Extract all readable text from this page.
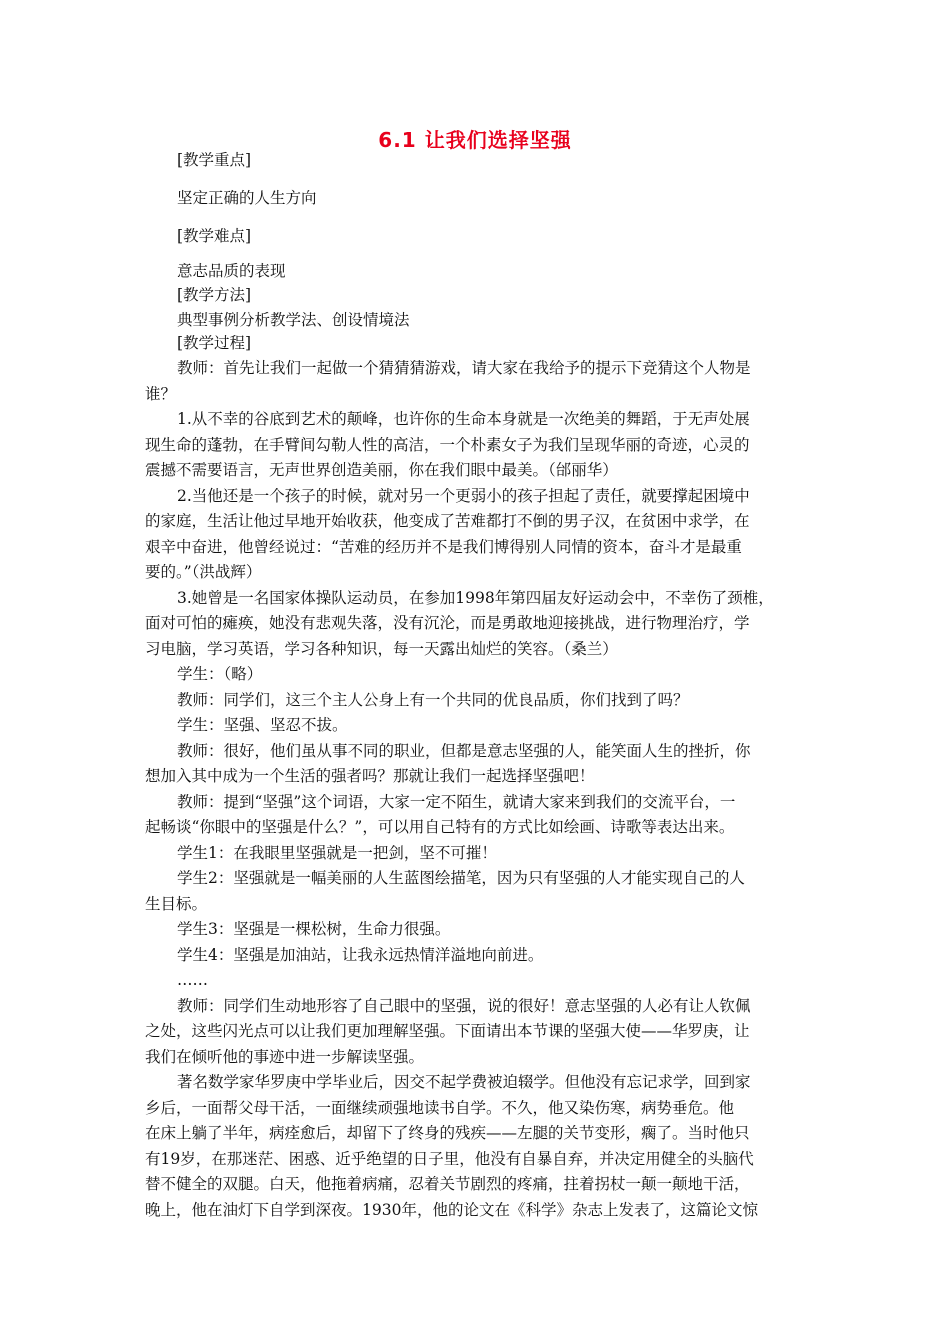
6.1 让我们选择坚强
[教学重点]
坚定正确的人生方向
[教学难点]
意志品质的表现
[教学方法]
典型事例分析教学法、创设情境法
[教学过程]
教师：首先让我们一起做一个猜猜猜游戏，请大家在我给予的提示下竞猜这个人物是
谁？
1.从不幸的谷底到艺术的颠峰，也许你的生命本身就是一次绝美的舞蹈，于无声处展
现生命的蓬勃，在手臂间勾勒人性的高洁，一个朴素女子为我们呈现华丽的奇迹，心灵的
震撼不需要语言，无声世界创造美丽，你在我们眼中最美。（邰丽华）
2.当他还是一个孩子的时候，就对另一个更弱小的孩子担起了责任，就要撑起困境中
的家庭，生活让他过早地开始收获，他变成了苦难都打不倒的男子汉，在贫困中求学，在
艰辛中奋进，他曾经说过：“苦难的经历并不是我们博得别人同情的资本，奋斗才是最重
要的。”（洪战辉）
3.她曾是一名国家体操队运动员，在参加1998年第四届友好运动会中，不幸伤了颈椎，
面对可怕的瘫痪，她没有悲观失落，没有沉沦，而是勇敢地迎接挑战，进行物理治疗，学
习电脑，学习英语，学习各种知识，每一天露出灿烂的笑容。（桑兰）
学生：（略）
教师：同学们，这三个主人公身上有一个共同的优良品质，你们找到了吗？
学生：坚强、坚忍不拔。
教师：很好，他们虽从事不同的职业，但都是意志坚强的人，能笑面人生的挫折，你
想加入其中成为一个生活的强者吗？那就让我们一起选择坚强吧！
教师：提到“坚强”这个词语，大家一定不陌生，就请大家来到我们的交流平台，一
起畅谈“你眼中的坚强是什么？”，可以用自己特有的方式比如绘画、诗歌等表达出来。
学生1：在我眼里坚强就是一把剑，坚不可摧！
学生2：坚强就是一幅美丽的人生蓝图绘描笔，因为只有坚强的人才能实现自己的人
生目标。
学生3：坚强是一棵松树，生命力很强。
学生4：坚强是加油站，让我永远热情洋溢地向前进。
……
教师：同学们生动地形容了自己眼中的坚强，说的很好！意志坚强的人必有让人钦佩
之处，这些闪光点可以让我们更加理解坚强。下面请出本节课的坚强大使——华罗庚，让
我们在倾听他的事迹中进一步解读坚强。
著名数学家华罗庚中学毕业后，因交不起学费被迫辍学。但他没有忘记求学，回到家
乡后，一面帮父母干活，一面继续顽强地读书自学。不久，他又染伤寒，病势垂危。他
在床上躺了半年，病痊愈后，却留下了终身的残疾——左腿的关节变形，瘸了。当时他只
有19岁，在那迷茫、困惑、近乎绝望的日子里，他没有自暴自弃，并决定用健全的头脑代
替不健全的双腿。白天，他拖着病痛，忍着关节剧烈的疼痛，拄着拐杖一颠一颠地干活，
晚上，他在油灯下自学到深夜。1930年，他的论文在《科学》杂志上发表了，这篇论文惊
